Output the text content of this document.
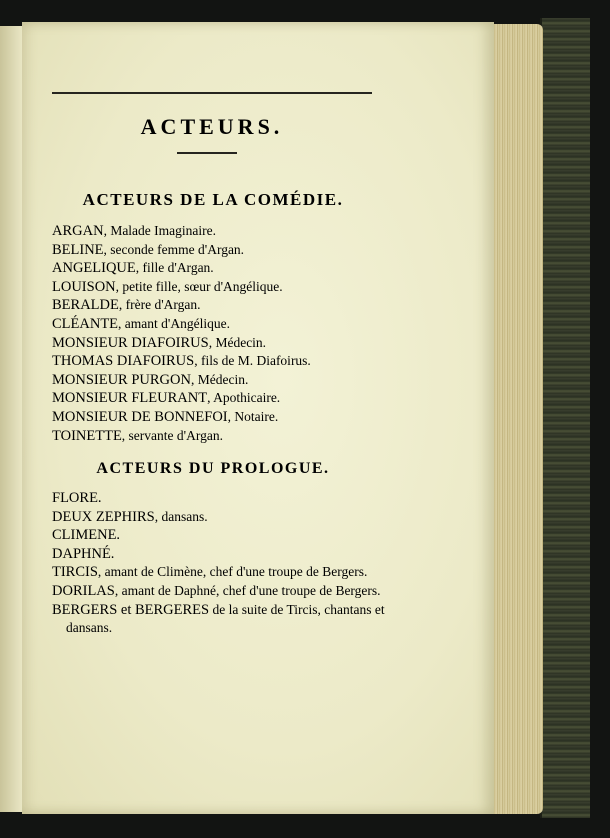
ACTEURS.
ACTEURS DE LA COMÉDIE.
ARGAN, Malade Imaginaire.
BELINE, seconde femme d'Argan.
ANGELIQUE, fille d'Argan.
LOUISON, petite fille, sœur d'Angélique.
BERALDE, frère d'Argan.
CLÉANTE, amant d'Angélique.
MONSIEUR DIAFOIRUS, Médecin.
THOMAS DIAFOIRUS, fils de M. Diafoirus.
MONSIEUR PURGON, Médecin.
MONSIEUR FLEURANT, Apothicaire.
MONSIEUR DE BONNEFOI, Notaire.
TOINETTE, servante d'Argan.
ACTEURS DU PROLOGUE.
FLORE.
DEUX ZEPHIRS, dansans.
CLIMENE.
DAPHNÉ.
TIRCIS, amant de Climène, chef d'une troupe de Bergers.
DORILAS, amant de Daphné, chef d'une troupe de Bergers.
BERGERS et BERGERES de la suite de Tircis, chantans et dansans.
